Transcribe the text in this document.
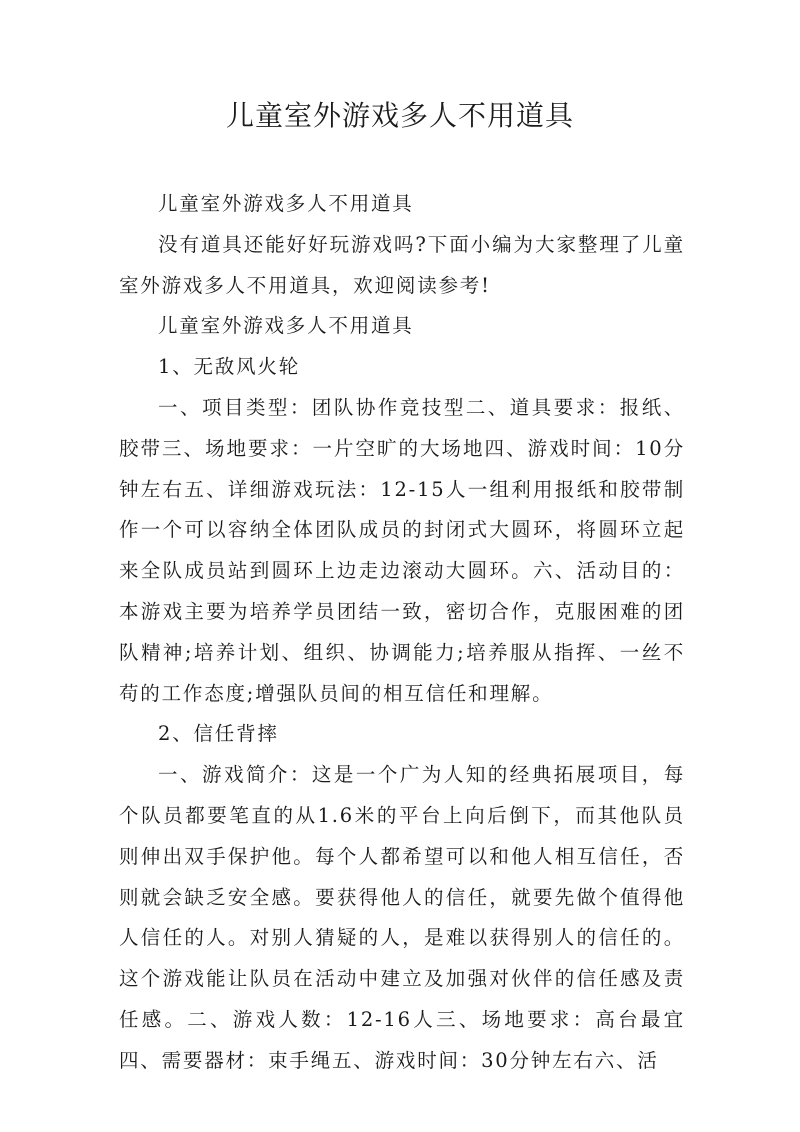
儿童室外游戏多人不用道具

儿童室外游戏多人不用道具

没有道具还能好好玩游戏吗?下面小编为大家整理了儿童室外游戏多人不用道具，欢迎阅读参考!

儿童室外游戏多人不用道具

1、无敌风火轮

一、项目类型：团队协作竞技型二、道具要求：报纸、胶带三、场地要求：一片空旷的大场地四、游戏时间：10分钟左右五、详细游戏玩法：12-15人一组利用报纸和胶带制作一个可以容纳全体团队成员的封闭式大圆环，将圆环立起来全队成员站到圆环上边走边滚动大圆环。六、活动目的：本游戏主要为培养学员团结一致，密切合作，克服困难的团队精神;培养计划、组织、协调能力;培养服从指挥、一丝不苟的工作态度;增强队员间的相互信任和理解。

2、信任背摔

一、游戏简介：这是一个广为人知的经典拓展项目，每个队员都要笔直的从1.6米的平台上向后倒下，而其他队员则伸出双手保护他。每个人都希望可以和他人相互信任，否则就会缺乏安全感。要获得他人的信任，就要先做个值得他人信任的人。对别人猜疑的人，是难以获得别人的信任的。这个游戏能让队员在活动中建立及加强对伙伴的信任感及责任感。二、游戏人数：12-16人三、场地要求：高台最宜四、需要器材：束手绳五、游戏时间：30分钟左右六、活
